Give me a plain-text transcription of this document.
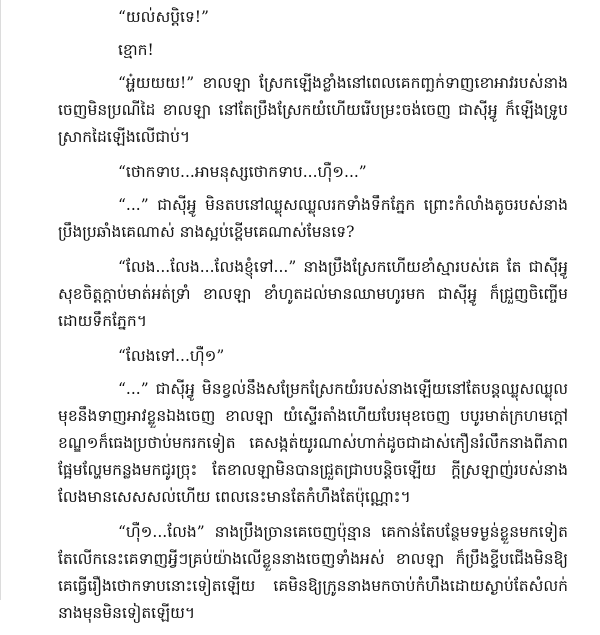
“យល់សប្តិទេ!”

ខ្មោក!

“អ្ហ៎យយយ!” ខាលឡា ស្រែកឡើងខ្លាំងនៅពេលគេកញ្ឆក់ទាញខោអាវរបស់នាងចេញមិនប្រណីដៃ ខាលឡា នៅតែប្រឹងស្រែកយំហើយរើបម្រះចង់ចេញ ជាស៊ីអ្វូ ក៏ឡើងទ្រូបស្រាកដៃឡើងលើជាប់។

“ថោកទាប...អាមនុស្សថោកទាប...ហ៊ឺ១...”

“...” ជាស៊ីអ្វូ មិនតបនៅឈ្លុសឈ្លុលរកទាំងទឹកភ្នែក ព្រោះកំលាំងតូចរបស់នាងប្រឹងប្រឆាំងគេណាស់ នាងស្អប់ខ្ពើមគេណាស់មែនទេ?

“លែង...លែង...លែងខ្ញុំទៅ...” នាងប្រឹងស្រែកហើយខាំស្មារបស់គេ តែ ជាស៊ីអ្វូ សុខចិត្តក្តាប់មាត់អត់ទ្រាំ ខាលឡា ខាំហូតដល់មានឈាមហូរមក ជាស៊ីអ្វូ ក៏ជ្រួញចិញ្ចើមដោយទឹកភ្នែក។

“លែងទៅ...ហ៊ឺ១”

“...” ជាស៊ីអ្វូ មិនខ្វល់នឹងសម្រែកស្រែកយំរបស់នាងឡើយនៅតែបន្តឈ្លុសឈ្លុលមុខនឹងទាញអាវខ្លួនឯងចេញ ខាលឡា យំស្ទើរតាំងហើយបែរមុខចេញ បបូរមាត់ក្រហមក្តៅខណ្ឌ១ក៏ធេងប្រថាប់មករកទៀត គេសង្កត់យូរណាស់ហាក់ដូចជាដាស់កឿនរំលឹកនាងពីភាពផ្អែមល្ហែមកន្លងមកជូរច្រុះ តែខាលឡាមិនបានជ្រួតជ្រាបបន្តិចឡើយ ក្តីស្រឡាញ់របស់នាងលែងមានសេសសល់ហើយ ពេលនេះមានតែកំហឹងតែប៉ុណ្ណោះ។

“ហ៊ឺ១...លែង” នាងប្រឹងច្រានគេចេញប៉ុន្មាន គេកាន់តែបន្ថែមទម្ងន់ខ្លួនមកទៀត តែលើកនេះគេទាញអ្វីៗគ្រប់យ៉ាងលើខ្លួននាងចេញទាំងអស់ ខាលឡា ក៏ប្រឹងខ្ទីបជើងមិនឱ្យគេធ្វើរឿងថោកទាបនោះទៀតឡើយ គេមិនឱ្យក្រូននាងមកចាប់កំហឹងដោយស្ងាប់តែសំលក់នាងមុនមិនទៀតឡើយ។
